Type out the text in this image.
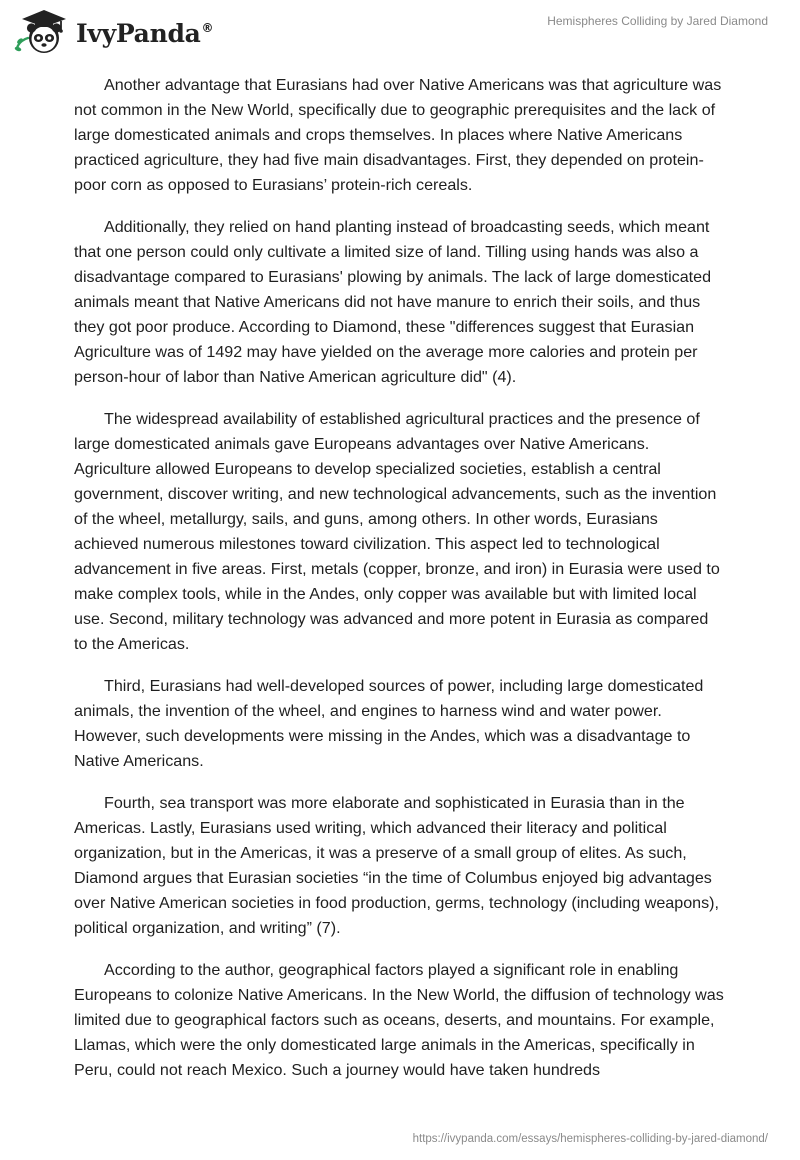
IvyPanda®
Hemispheres Colliding by Jared Diamond

Another advantage that Eurasians had over Native Americans was that agriculture was not common in the New World, specifically due to geographic prerequisites and the lack of large domesticated animals and crops themselves. In places where Native Americans practiced agriculture, they had five main disadvantages. First, they depended on protein-poor corn as opposed to Eurasians’ protein-rich cereals.

Additionally, they relied on hand planting instead of broadcasting seeds, which meant that one person could only cultivate a limited size of land. Tilling using hands was also a disadvantage compared to Eurasians' plowing by animals. The lack of large domesticated animals meant that Native Americans did not have manure to enrich their soils, and thus they got poor produce. According to Diamond, these "differences suggest that Eurasian Agriculture was of 1492 may have yielded on the average more calories and protein per person-hour of labor than Native American agriculture did" (4).

The widespread availability of established agricultural practices and the presence of large domesticated animals gave Europeans advantages over Native Americans. Agriculture allowed Europeans to develop specialized societies, establish a central government, discover writing, and new technological advancements, such as the invention of the wheel, metallurgy, sails, and guns, among others. In other words, Eurasians achieved numerous milestones toward civilization. This aspect led to technological advancement in five areas. First, metals (copper, bronze, and iron) in Eurasia were used to make complex tools, while in the Andes, only copper was available but with limited local use. Second, military technology was advanced and more potent in Eurasia as compared to the Americas.

Third, Eurasians had well-developed sources of power, including large domesticated animals, the invention of the wheel, and engines to harness wind and water power. However, such developments were missing in the Andes, which was a disadvantage to Native Americans.

Fourth, sea transport was more elaborate and sophisticated in Eurasia than in the Americas. Lastly, Eurasians used writing, which advanced their literacy and political organization, but in the Americas, it was a preserve of a small group of elites. As such, Diamond argues that Eurasian societies “in the time of Columbus enjoyed big advantages over Native American societies in food production, germs, technology (including weapons), political organization, and writing” (7).

According to the author, geographical factors played a significant role in enabling Europeans to colonize Native Americans. In the New World, the diffusion of technology was limited due to geographical factors such as oceans, deserts, and mountains. For example, Llamas, which were the only domesticated large animals in the Americas, specifically in Peru, could not reach Mexico. Such a journey would have taken hundreds

https://ivypanda.com/essays/hemispheres-colliding-by-jared-diamond/
